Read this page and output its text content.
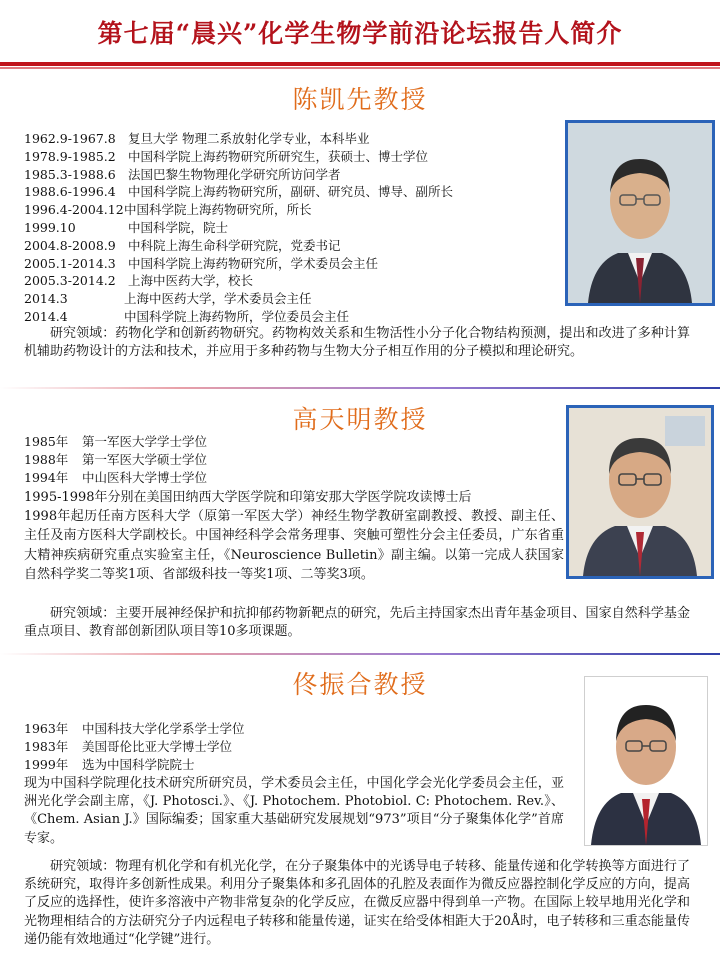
第七届“晨兴”化学生物学前沿论坛报告人简介
陈凯先教授
1962.9-1967.8 复旦大学 物理二系放射化学专业，本科毕业
1978.9-1985.2 中国科学院上海药物研究所研究生，获硕士、博士学位
1985.3-1988.6 法国巴黎生物物理化学研究所访问学者
1988.6-1996.4 中国科学院上海药物研究所，副研、研究员、博导、副所长
1996.4-2004.12中国科学院上海药物研究所，所长
1999.10	中国科学院，院士
2004.8-2008.9 中科院上海生命科学研究院，党委书记
2005.1-2014.3 中国科学院上海药物研究所，学术委员会主任
2005.3-2014.2 上海中医药大学，校长
2014.3	上海中医药大学，学术委员会主任
2014.4	中国科学院上海药物所，学位委员会主任
研究领域：药物化学和创新药物研究。药物构效关系和生物活性小分子化合物结构预测，提出和改进了多种计算机辅助药物设计的方法和技术，并应用于多种药物与生物大分子相互作用的分子模拟和理论研究。
高天明教授
1985年 第一军医大学学士学位
1988年 第一军医大学硕士学位
1994年 中山医科大学博士学位
1995-1998年分别在美国田纳西大学医学院和印第安那大学医学院攻读博士后
1998年起历任南方医科大学（原第一军医大学）神经生物学教研室副教授、教授、副主任、主任及南方医科大学副校长。中国神经科学会常务理事、突触可塑性分会主任委员，广东省重大精神疾病研究重点实验室主任，《Neuroscience Bulletin》副主编。以第一完成人获国家自然科学奖二等奖1项、省部级科技一等奖1项、二等奖3项。
研究领域：主要开展神经保护和抗抑郁药物新靶点的研究，先后主持国家杰出青年基金项目、国家自然科学基金重点项目、教育部创新团队项目等10多项课题。
佟振合教授
1963年 中国科技大学化学系学士学位
1983年 美国哥伦比亚大学博士学位
1999年 选为中国科学院院士
现为中国科学院理化技术研究所研究员，学术委员会主任，中国化学会光化学委员会主任，亚洲光化学会副主席，《J. Photosci.》、《J. Photochem. Photobiol. C: Photochem. Rev.》、《Chem. Asian J.》国际编委；国家重大基础研究发展规划“973”项目“分子聚集体化学”首席专家。
研究领域：物理有机化学和有机光化学，在分子聚集体中的光诱导电子转移、能量传递和化学转换等方面进行了系统研究，取得许多创新性成果。利用分子聚集体和多孔固体的孔腔及表面作为微反应器控制化学反应的方向，提高了反应的选择性，使许多溶液中产物非常复杂的化学反应，在微反应器中得到单一产物。在国际上较早地用光化学和光物理相结合的方法研究分子内远程电子转移和能量传递，证实在给受体相距大于20Å时，电子转移和三重态能量传递仍能有效地通过“化学键”进行。
